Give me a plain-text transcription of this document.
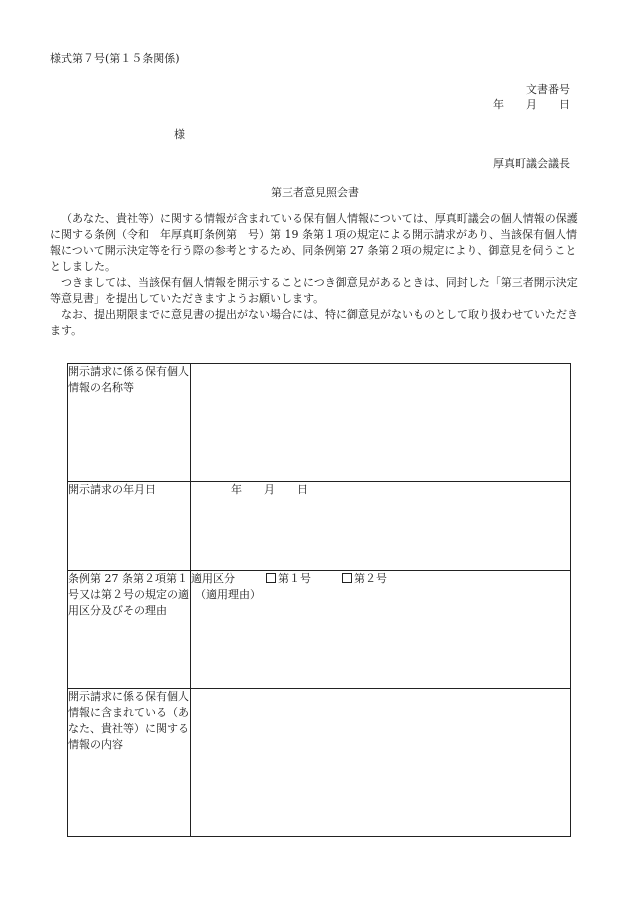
様式第７号(第１５条関係)
文書番号
年　　月　　日
様
厚真町議会議長
第三者意見照会書
（あなた、貴社等）に関する情報が含まれている保有個人情報については、厚真町議会の個人情報の保護に関する条例（令和　年厚真町条例第　号）第 19 条第１項の規定による開示請求があり、当該保有個人情報について開示決定等を行う際の参考とするため、同条例第 27 条第２項の規定により、御意見を伺うこととしました。
つきましては、当該保有個人情報を開示することにつき御意見があるときは、同封した「第三者開示決定等意見書」を提出していただきますようお願いします。
なお、提出期限までに意見書の提出がない場合には、特に御意見がないものとして取り扱わせていただきます。
開示請求に係る保有個人情報の名称等	
開示請求の年月日	年　　月　　日
条例第 27 条第２項第１号又は第２号の規定の適用区分及びその理由	適用区分 第１号 第２号
（適用理由）

開示請求に係る保有個人情報に含まれている（あなた、貴社等）に関する情報の内容	
